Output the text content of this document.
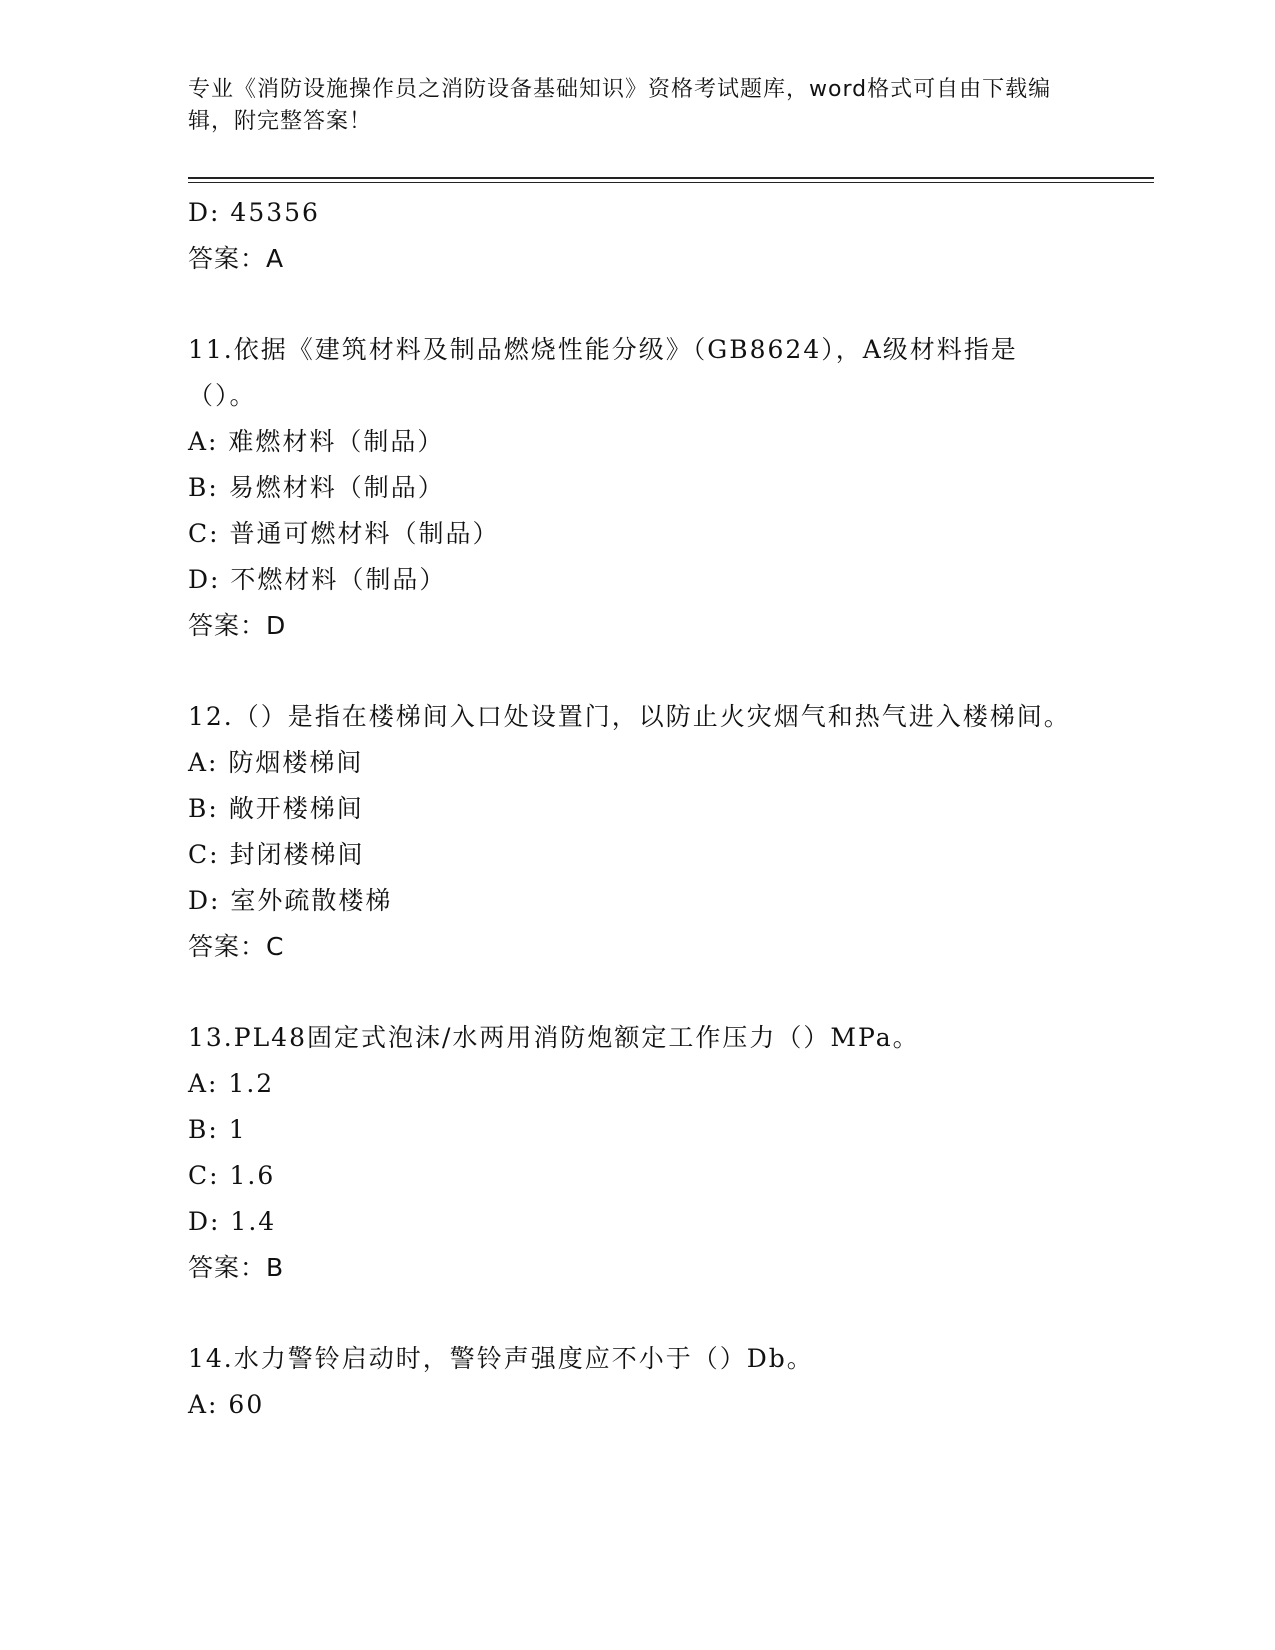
专业《消防设施操作员之消防设备基础知识》资格考试题库，word格式可自由下载编辑，附完整答案！
D: 45356
答案：A
11.依据《建筑材料及制品燃烧性能分级》（GB8624），A级材料指是（）。
A: 难燃材料（制品）
B: 易燃材料（制品）
C: 普通可燃材料（制品）
D: 不燃材料（制品）
答案：D
12.（）是指在楼梯间入口处设置门，以防止火灾烟气和热气进入楼梯间。
A: 防烟楼梯间
B: 敞开楼梯间
C: 封闭楼梯间
D: 室外疏散楼梯
答案：C
13.PL48固定式泡沫/水两用消防炮额定工作压力（）MPa。
A: 1.2
B: 1
C: 1.6
D: 1.4
答案：B
14.水力警铃启动时，警铃声强度应不小于（）Db。
A: 60
